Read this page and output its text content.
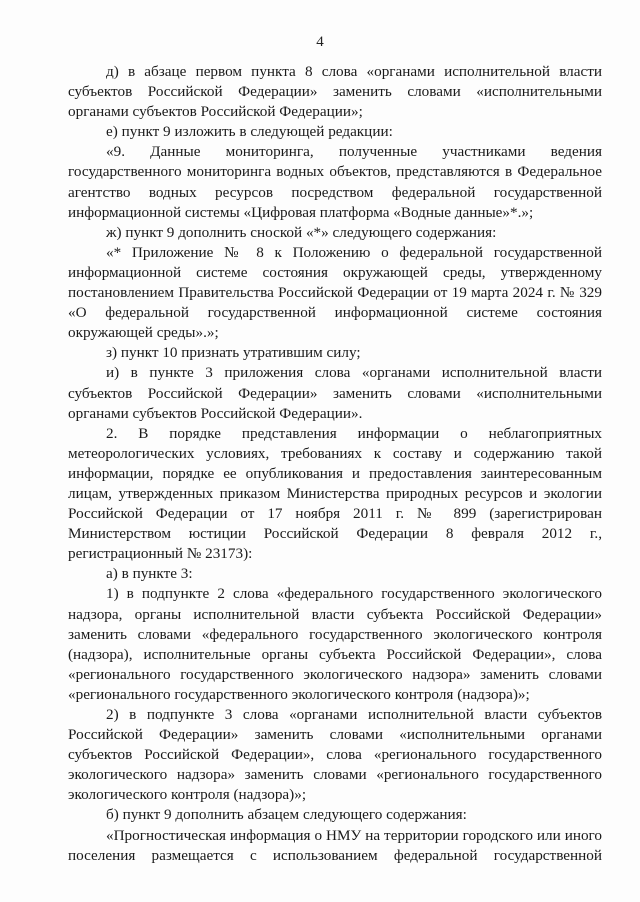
4

д) в абзаце первом пункта 8 слова «органами исполнительной власти субъектов Российской Федерации» заменить словами «исполнительными органами субъектов Российской Федерации»;

е) пункт 9 изложить в следующей редакции:

«9. Данные мониторинга, полученные участниками ведения государственного мониторинга водных объектов, представляются в Федеральное агентство водных ресурсов посредством федеральной государственной информационной системы «Цифровая платформа «Водные данные»*.»;

ж) пункт 9 дополнить сноской «*» следующего содержания:

«* Приложение № 8 к Положению о федеральной государственной информационной системе состояния окружающей среды, утвержденному постановлением Правительства Российской Федерации от 19 марта 2024 г. № 329 «О федеральной государственной информационной системе состояния окружающей среды».»;

з) пункт 10 признать утратившим силу;

и) в пункте 3 приложения слова «органами исполнительной власти субъектов Российской Федерации» заменить словами «исполнительными органами субъектов Российской Федерации».

2. В порядке представления информации о неблагоприятных метеорологических условиях, требованиях к составу и содержанию такой информации, порядке ее опубликования и предоставления заинтересованным лицам, утвержденных приказом Министерства природных ресурсов и экологии Российской Федерации от 17 ноября 2011 г. № 899 (зарегистрирован Министерством юстиции Российской Федерации 8 февраля 2012 г., регистрационный № 23173):

а) в пункте 3:

1) в подпункте 2 слова «федерального государственного экологического надзора, органы исполнительной власти субъекта Российской Федерации» заменить словами «федерального государственного экологического контроля (надзора), исполнительные органы субъекта Российской Федерации», слова «регионального государственного экологического надзора» заменить словами «регионального государственного экологического контроля (надзора)»;

2) в подпункте 3 слова «органами исполнительной власти субъектов Российской Федерации» заменить словами «исполнительными органами субъектов Российской Федерации», слова «регионального государственного экологического надзора» заменить словами «регионального государственного экологического контроля (надзора)»;

б) пункт 9 дополнить абзацем следующего содержания:

«Прогностическая информация о НМУ на территории городского или иного поселения размещается с использованием федеральной государственной
